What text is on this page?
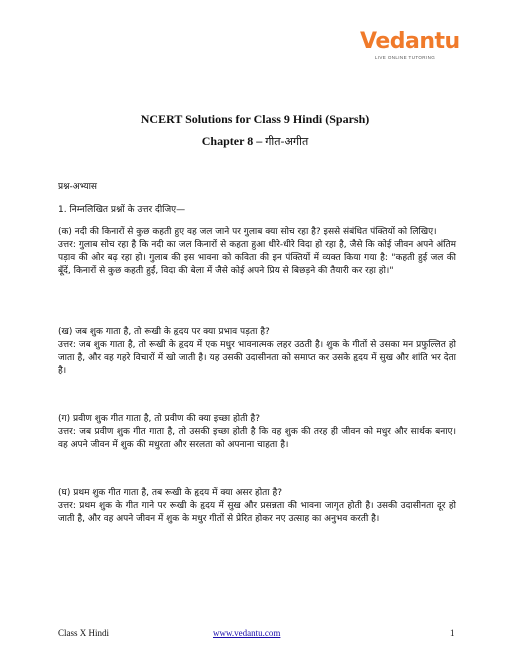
Vedantu
LIVE ONLINE TUTORING
NCERT Solutions for Class 9 Hindi (Sparsh)
Chapter 8 – गीत-अगीत
प्रश्न-अभ्यास
1. निम्नलिखित प्रश्नों के उत्तर दीजिए—

(क) नदी की किनारों से कुछ कहती हुए वह जल जाने पर गुलाब क्या सोच रहा है? इससे संबंधित पंक्तियों को लिखिए।

उत्तर: गुलाब सोच रहा है कि नदी का जल किनारों से कहता हुआ धीरे-धीरे विदा हो रहा है, जैसे कि कोई जीवन अपने अंतिम पड़ाव की ओर बढ़ रहा हो। गुलाब की इस भावना को कविता की इन पंक्तियों में व्यक्त किया गया है: "कहती हुई जल की बूँदें, किनारों से कुछ कहती हुईं, विदा की बेला में जैसे कोई अपने प्रिय से बिछड़ने की तैयारी कर रहा हो।"

(ख) जब शुक गाता है, तो रूखी के हृदय पर क्या प्रभाव पड़ता है?

उत्तर: जब शुक गाता है, तो रूखी के हृदय में एक मधुर भावनात्मक लहर उठती है। शुक के गीतों से उसका मन प्रफुल्लित हो जाता है, और वह गहरे विचारों में खो जाती है। यह उसकी उदासीनता को समाप्त कर उसके हृदय में सुख और शांति भर देता है।

(ग) प्रवीण शुक गीत गाता है, तो प्रवीण की क्या इच्छा होती है?

उत्तर: जब प्रवीण शुक गीत गाता है, तो उसकी इच्छा होती है कि वह शुक की तरह ही जीवन को मधुर और सार्थक बनाए। वह अपने जीवन में शुक की मधुरता और सरलता को अपनाना चाहता है।

(घ) प्रथम शुक गीत गाता है, तब रूखी के हृदय में क्या असर होता है?

उत्तर: प्रथम शुक के गीत गाने पर रूखी के हृदय में सुख और प्रसन्नता की भावना जागृत होती है। उसकी उदासीनता दूर हो जाती है, और वह अपने जीवन में शुक के मधुर गीतों से प्रेरित होकर नए उत्साह का अनुभव करती है।

Class X Hindi	www.vedantu.com	1
